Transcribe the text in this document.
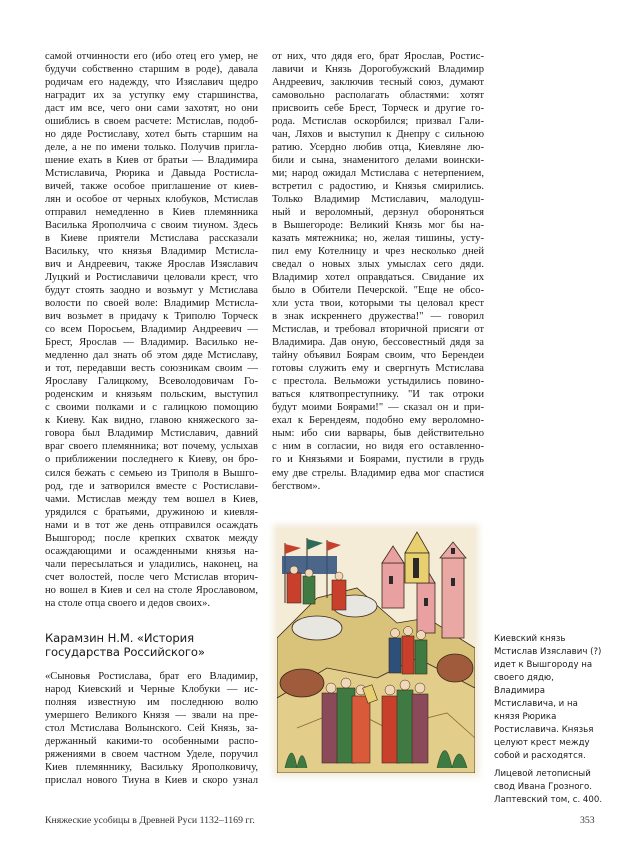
самой отчинности его (ибо отец его умер, не
будучи собственно старшим в роде), давала
родичам его надежду, что Изяславич щедро
наградит их за уступку ему старшинства,
даст им все, чего они сами захотят, но они
ошиблись в своем расчете: Мстислав, подоб-
но дяде Ростиславу, хотел быть старшим на
деле, а не по имени только. Получив пригла-
шение ехать в Киев от братьи — Владимира
Мстиславича, Рюрика и Давыда Ростисла-
вичей, также особое приглашение от киев-
лян и особое от черных клобуков, Мстислав
отправил немедленно в Киев племянника
Василька Ярополчича с своим тиуном. Здесь
в Киеве приятели Мстислава рассказали
Васильку, что князья Владимир Мстисла-
вич и Андреевич, также Ярослав Изяславич
Луцкий и Ростиславичи целовали крест, что
будут стоять заодно и возьмут у Мстислава
волости по своей воле: Владимир Мстисла-
вич возьмет в придачу к Триполю Торческ
со всем Поросьем, Владимир Андреевич —
Брест, Ярослав — Владимир. Василько не-
медленно дал знать об этом дяде Мстиславу,
и тот, передавши весть союзникам своим —
Ярославу Галицкому, Всеволодовичам Го-
роденским и князьям польским, выступил
с своими полками и с галицкою помощию
к Киеву. Как видно, главою княжеского за-
говора был Владимир Мстиславич, давний
враг своего племянника; вот почему, услыхав
о приближении последнего к Киеву, он бро-
сился бежать с семьею из Триполя в Вышго-
род, где и затворился вместе с Ростислави-
чами. Мстислав между тем вошел в Киев,
урядился с братьями, дружиною и киевля-
нами и в тот же день отправился осаждать
Вышгород; после крепких схваток между
осаждающими и осажденными князья на-
чали пересылаться и уладились, наконец, на
счет волостей, после чего Мстислав вторич-
но вошел в Киев и сел на столе Ярославовом,
на столе отца своего и дедов своих».
Карамзин Н.М. «История
государства Российского»
«Сыновья Ростислава, брат его Владимир,
народ Киевский и Черные Клобуки — ис-
полняя известную им последнюю волю
умершего Великого Князя — звали на пре-
стол Мстислава Волынского. Сей Князь, за-
держанный какими-то особенными распо-
ряжениями в своем частном Уделе, поручил
Киев племяннику, Васильку Ярополковичу,
прислал нового Тиуна в Киев и скоро узнал
от них, что дядя его, брат Ярослав, Ростис-
лавичи и Князь Дорогобужский Владимир
Андреевич, заключив тесный союз, думают
самовольно располагать областями: хотят
присвоить себе Брест, Торческ и другие го-
рода. Мстислав оскорбился; призвал Гали-
чан, Ляхов и выступил к Днепру с сильною
ратию. Усердно любив отца, Киевляне лю-
били и сына, знаменитого делами воински-
ми; народ ожидал Мстислава с нетерпением,
встретил с радостию, и Князья смирились.
Только Владимир Мстиславич, малодуш-
ный и вероломный, дерзнул обороняться
в Вышегороде: Великий Князь мог бы на-
казать мятежника; но, желая тишины, усту-
пил ему Котелницу и чрез несколько дней
сведал о новых злых умыслах сего дяди.
Владимир хотел оправдаться. Свидание их
было в Обители Печерской. "Еще не обсо-
хли уста твои, которыми ты целовал крест
в знак искреннего дружества!" — говорил
Мстислав, и требовал вторичной присяги от
Владимира. Дав оную, бессовестный дядя за
тайну объявил Боярам своим, что Берендеи
готовы служить ему и свергнуть Мстислава
с престола. Вельможи устыдились повино-
ваться клятвопреступнику. "И так отроки
будут моими Боярами!" — сказал он и при-
ехал к Берендеям, подобно ему вероломно-
ным: ибо сии варвары, быв действительно
с ним в согласии, но видя его оставленно-
го и Князьями и Боярами, пустили в грудь
ему две стрелы. Владимир едва мог спастися
бегством».

Киевский князь Мстислав Изяславич (?) идет к Вышгороду на своего дядю, Владимира Мстиславича, и на князя Рюрика Ростиславича. Князья целуют крест между собой и расходятся.

Лицевой летописный свод Ивана Грозного. Лаптевский том, с. 400.

Княжеские усобицы в Древней Руси 1132–1169 гг.	353
